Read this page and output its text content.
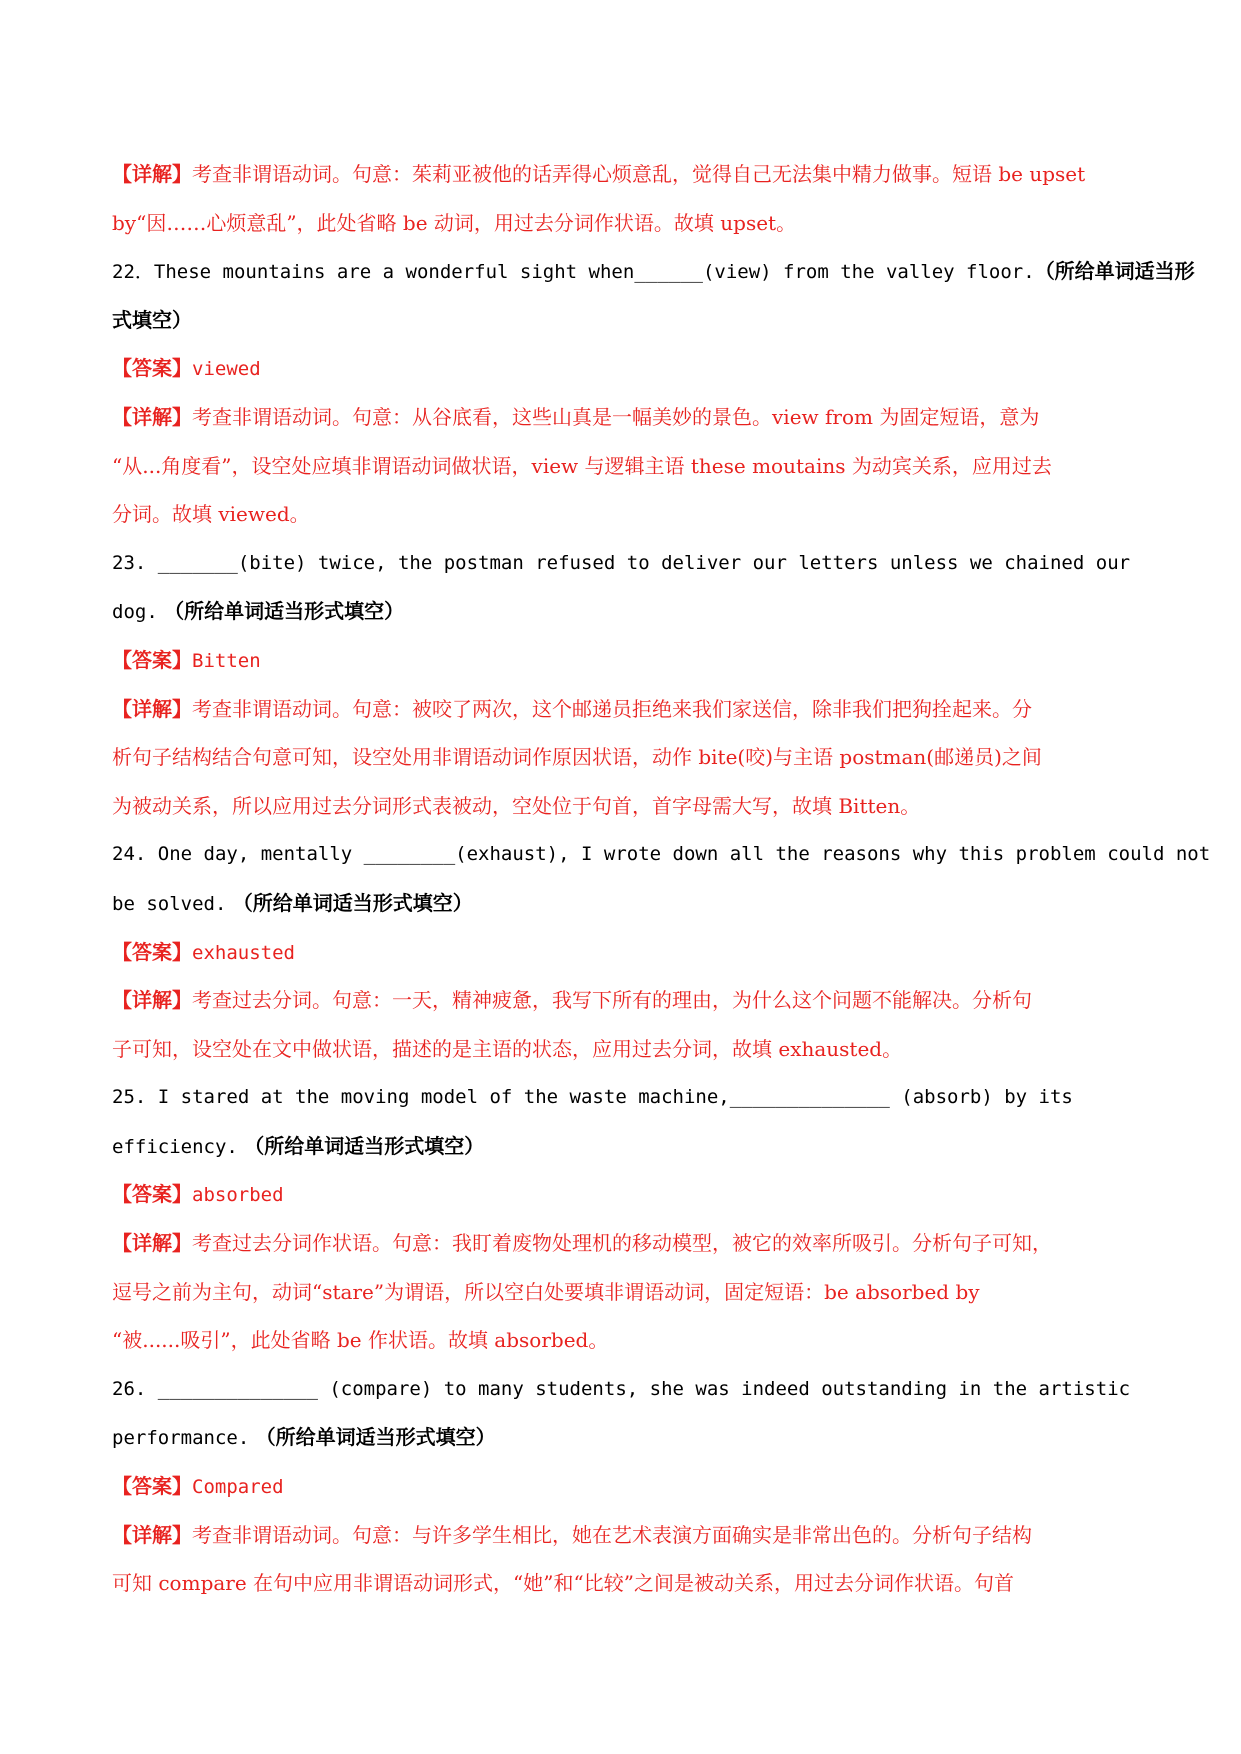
【详解】考查非谓语动词。句意：茱莉亚被他的话弄得心烦意乱，觉得自己无法集中精力做事。短语 be upset
by“因……心烦意乱”，此处省略 be 动词，用过去分词作状语。故填 upset。
22．These mountains are a wonderful sight when______(view) from the valley floor.（所给单词适当形
式填空）
【答案】viewed
【详解】考查非谓语动词。句意：从谷底看，这些山真是一幅美妙的景色。view from 为固定短语，意为
“从...角度看”，设空处应填非谓语动词做状语，view 与逻辑主语 these moutains 为动宾关系，应用过去
分词。故填 viewed。
23. _______(bite) twice, the postman refused to deliver our letters unless we chained our
dog. （所给单词适当形式填空）
【答案】Bitten
【详解】考查非谓语动词。句意：被咬了两次，这个邮递员拒绝来我们家送信，除非我们把狗拴起来。分
析句子结构结合句意可知，设空处用非谓语动词作原因状语，动作 bite(咬)与主语 postman(邮递员)之间
为被动关系，所以应用过去分词形式表被动，空处位于句首，首字母需大写，故填 Bitten。
24. One day, mentally ________(exhaust), I wrote down all the reasons why this problem could not
be solved. （所给单词适当形式填空）
【答案】exhausted
【详解】考查过去分词。句意：一天，精神疲惫，我写下所有的理由，为什么这个问题不能解决。分析句
子可知，设空处在文中做状语，描述的是主语的状态，应用过去分词，故填 exhausted。
25. I stared at the moving model of the waste machine,______________ (absorb) by its
efficiency. （所给单词适当形式填空）
【答案】absorbed
【详解】考查过去分词作状语。句意：我盯着废物处理机的移动模型，被它的效率所吸引。分析句子可知，
逗号之前为主句，动词“stare”为谓语，所以空白处要填非谓语动词，固定短语：be absorbed by
“被......吸引”，此处省略 be 作状语。故填 absorbed。
26. ______________ (compare) to many students, she was indeed outstanding in the artistic
performance. （所给单词适当形式填空）
【答案】Compared
【详解】考查非谓语动词。句意：与许多学生相比，她在艺术表演方面确实是非常出色的。分析句子结构
可知 compare 在句中应用非谓语动词形式，“她”和“比较”之间是被动关系，用过去分词作状语。句首
